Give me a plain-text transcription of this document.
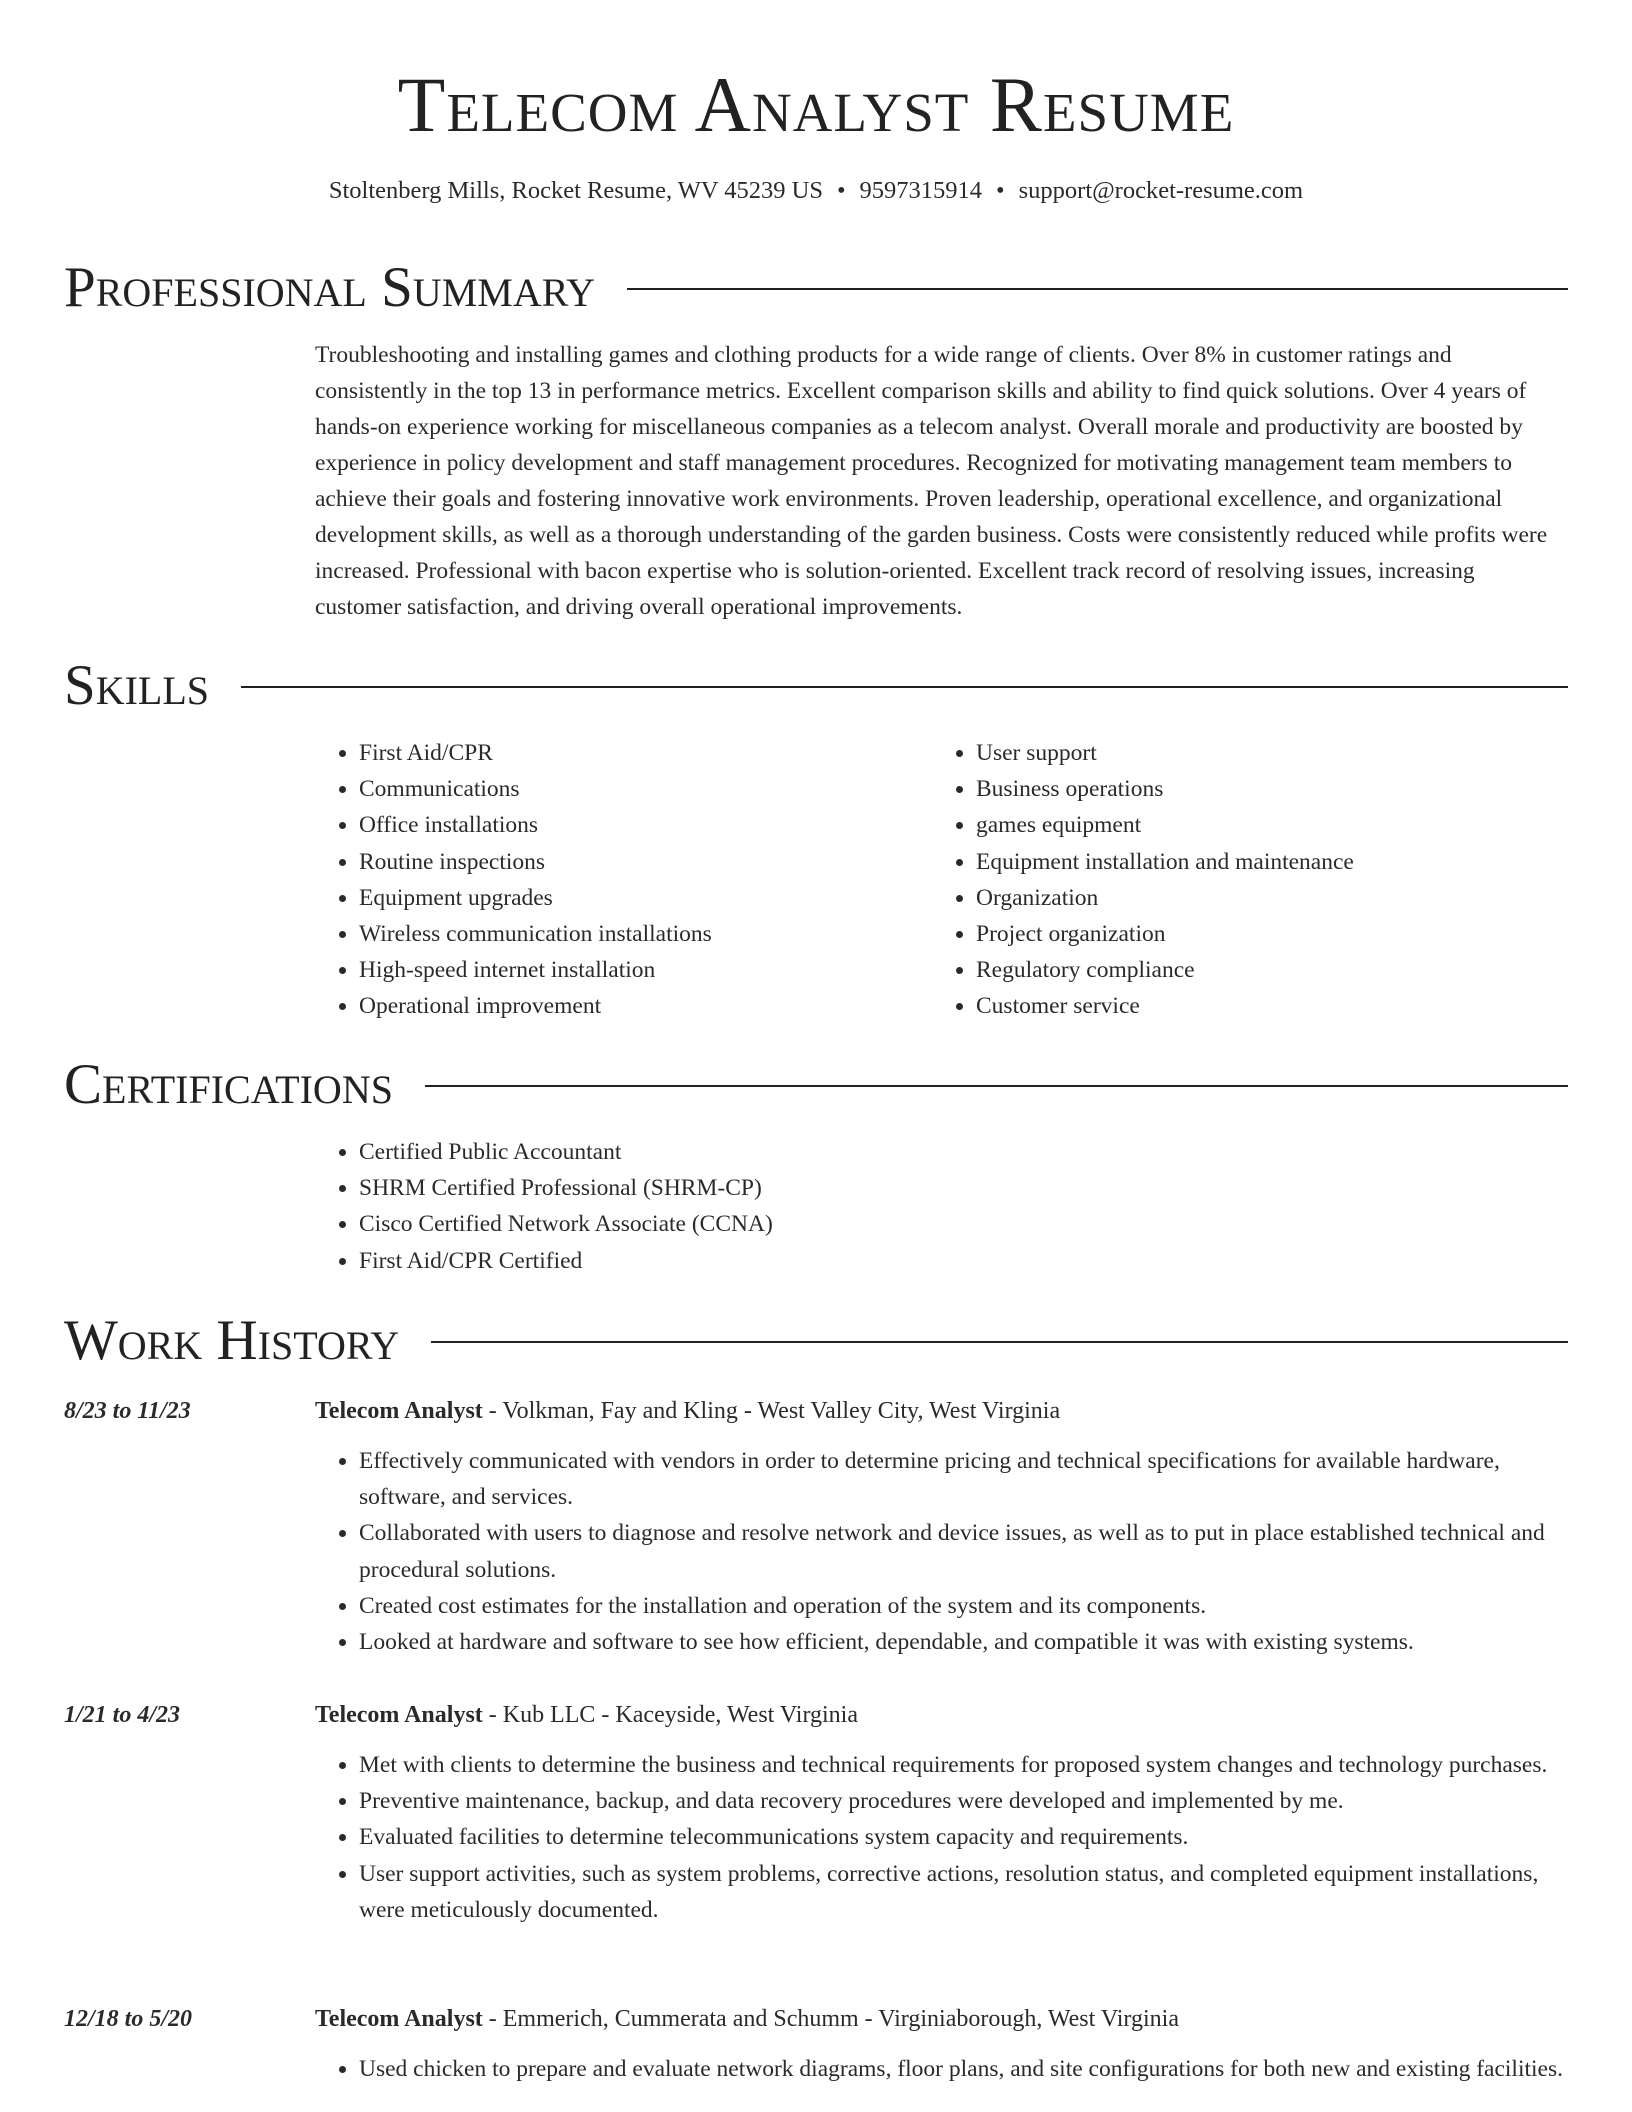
Telecom Analyst Resume
Stoltenberg Mills, Rocket Resume, WV 45239 US • 9597315914 • support@rocket-resume.com
Professional Summary

Troubleshooting and installing games and clothing products for a wide range of clients. Over 8% in customer ratings and consistently in the top 13 in performance metrics. Excellent comparison skills and ability to find quick solutions. Over 4 years of hands-on experience working for miscellaneous companies as a telecom analyst. Overall morale and productivity are boosted by experience in policy development and staff management procedures. Recognized for motivating management team members to achieve their goals and fostering innovative work environments. Proven leadership, operational excellence, and organizational development skills, as well as a thorough understanding of the garden business. Costs were consistently reduced while profits were increased. Professional with bacon expertise who is solution-oriented. Excellent track record of resolving issues, increasing customer satisfaction, and driving overall operational improvements.

Skills
• First Aid/CPR
• Communications
• Office installations
• Routine inspections
• Equipment upgrades
• Wireless communication installations
• High-speed internet installation
• Operational improvement
• User support
• Business operations
• games equipment
• Equipment installation and maintenance
• Organization
• Project organization
• Regulatory compliance
• Customer service
Certifications
• Certified Public Accountant
• SHRM Certified Professional (SHRM-CP)
• Cisco Certified Network Associate (CCNA)
• First Aid/CPR Certified
Work History
8/23 to 11/23	Telecom Analyst - Volkman, Fay and Kling - West Valley City, West Virginia
• Effectively communicated with vendors in order to determine pricing and technical specifications for available hardware, software, and services.
• Collaborated with users to diagnose and resolve network and device issues, as well as to put in place established technical and procedural solutions.
• Created cost estimates for the installation and operation of the system and its components.
• Looked at hardware and software to see how efficient, dependable, and compatible it was with existing systems.
1/21 to 4/23	Telecom Analyst - Kub LLC - Kaceyside, West Virginia
• Met with clients to determine the business and technical requirements for proposed system changes and technology purchases.
• Preventive maintenance, backup, and data recovery procedures were developed and implemented by me.
• Evaluated facilities to determine telecommunications system capacity and requirements.
• User support activities, such as system problems, corrective actions, resolution status, and completed equipment installations, were meticulously documented.
12/18 to 5/20	Telecom Analyst - Emmerich, Cummerata and Schumm - Virginiaborough, West Virginia
• Used chicken to prepare and evaluate network diagrams, floor plans, and site configurations for both new and existing facilities.
